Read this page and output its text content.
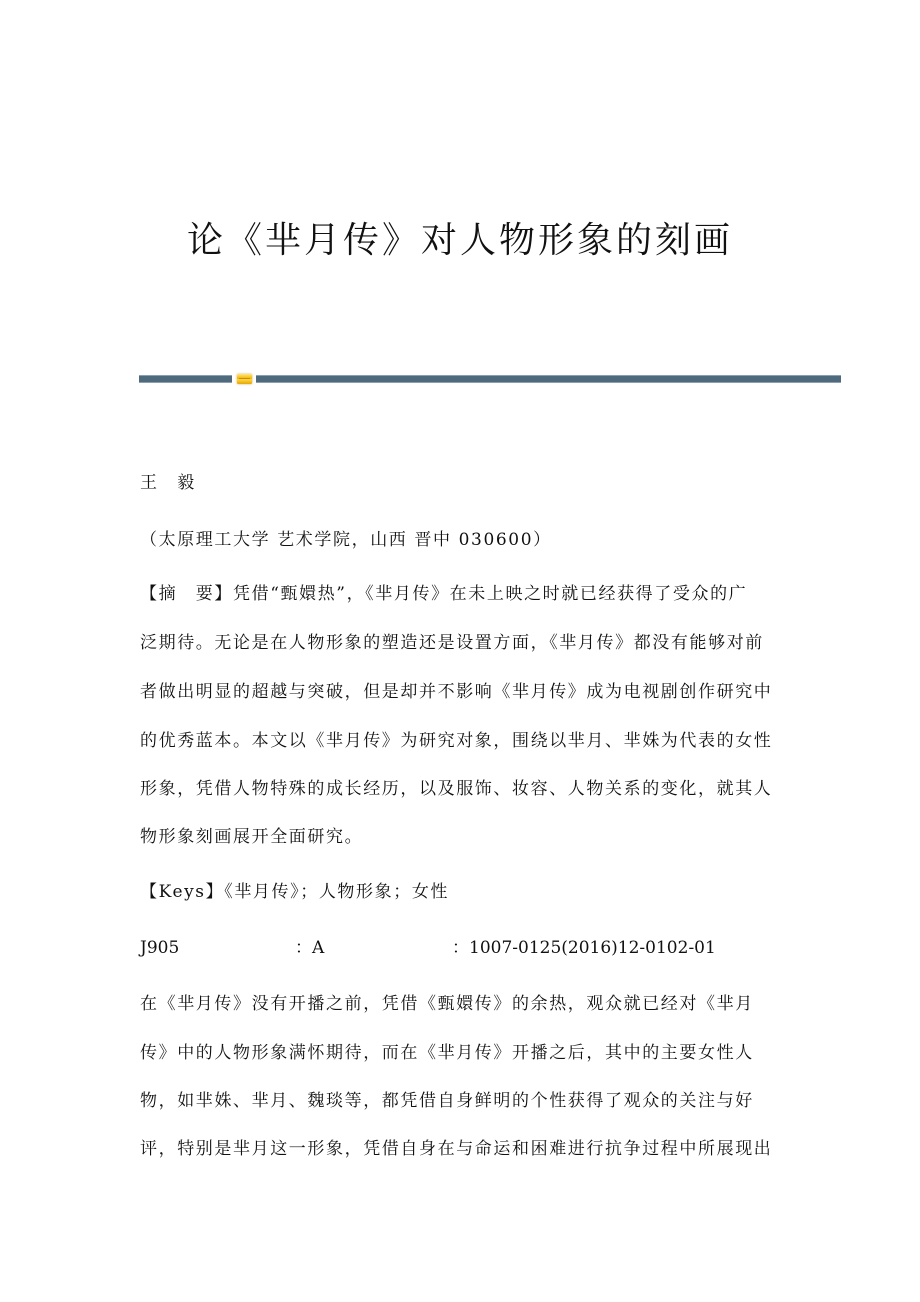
论《芈月传》对人物形象的刻画
王　毅
（太原理工大学 艺术学院，山西 晋中 030600）
【摘　要】凭借“甄嬛热”，《芈月传》在未上映之时就已经获得了受众的广
泛期待。无论是在人物形象的塑造还是设置方面，《芈月传》都没有能够对前
者做出明显的超越与突破，但是却并不影响《芈月传》成为电视剧创作研究中
的优秀蓝本。本文以《芈月传》为研究对象，围绕以芈月、芈姝为代表的女性
形象，凭借人物特殊的成长经历，以及服饰、妆容、人物关系的变化，就其人
物形象刻画展开全面研究。
【Keys】《芈月传》；人物形象；女性
J905	：A	：1007-0125(2016)12-0102-01
在《芈月传》没有开播之前，凭借《甄嬛传》的余热，观众就已经对《芈月
传》中的人物形象满怀期待，而在《芈月传》开播之后，其中的主要女性人
物，如芈姝、芈月、魏琰等，都凭借自身鲜明的个性获得了观众的关注与好
评，特别是芈月这一形象，凭借自身在与命运和困难进行抗争过程中所展现出
